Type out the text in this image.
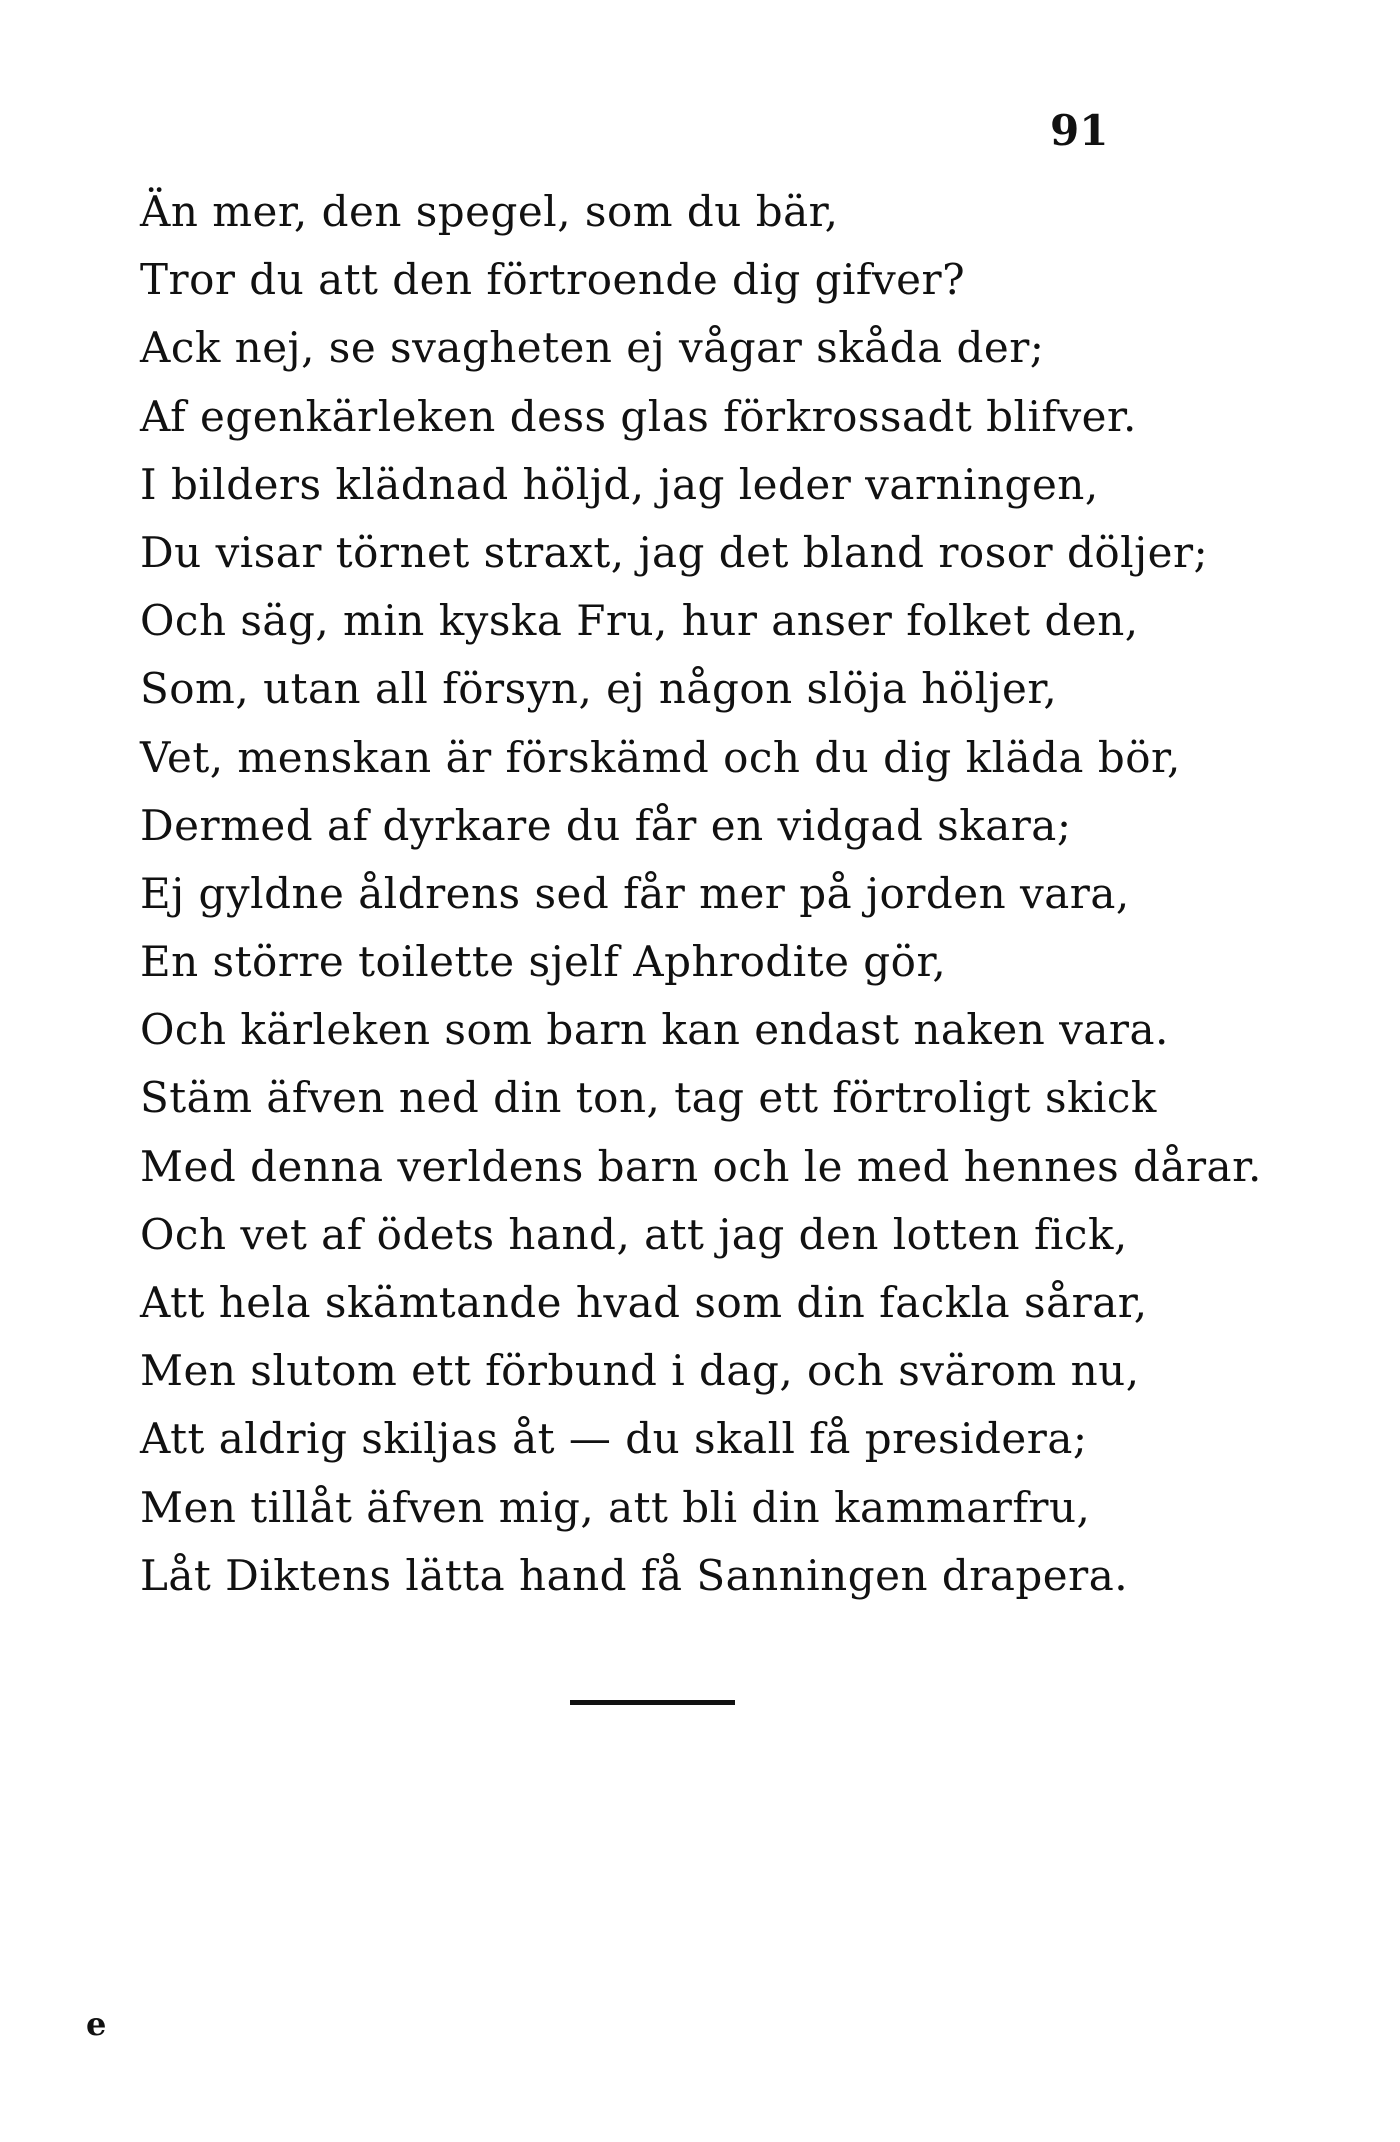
91
Än mer, den spegel, som du bär,
Tror du att den förtroende dig gifver?
Ack nej, se svagheten ej vågar skåda der;
Af egenkärleken dess glas förkrossadt blifver.
I bilders klädnad höljd, jag leder varningen,
Du visar törnet straxt, jag det bland rosor döljer;
Och säg, min kyska Fru, hur anser folket den,
Som, utan all försyn, ej någon slöja höljer,
Vet, menskan är förskämd och du dig kläda bör,
Dermed af dyrkare du får en vidgad skara;
Ej gyldne åldrens sed får mer på jorden vara,
En större toilette sjelf Aphrodite gör,
Och kärleken som barn kan endast naken vara.
Stäm äfven ned din ton, tag ett förtroligt skick
Med denna verldens barn och le med hennes dårar.
Och vet af ödets hand, att jag den lotten fick,
Att hela skämtande hvad som din fackla sårar,
Men slutom ett förbund i dag, och svärom nu,
Att aldrig skiljas åt — du skall få presidera;
Men tillåt äfven mig, att bli din kammarfru,
Låt Diktens lätta hand få Sanningen drapera.
e
